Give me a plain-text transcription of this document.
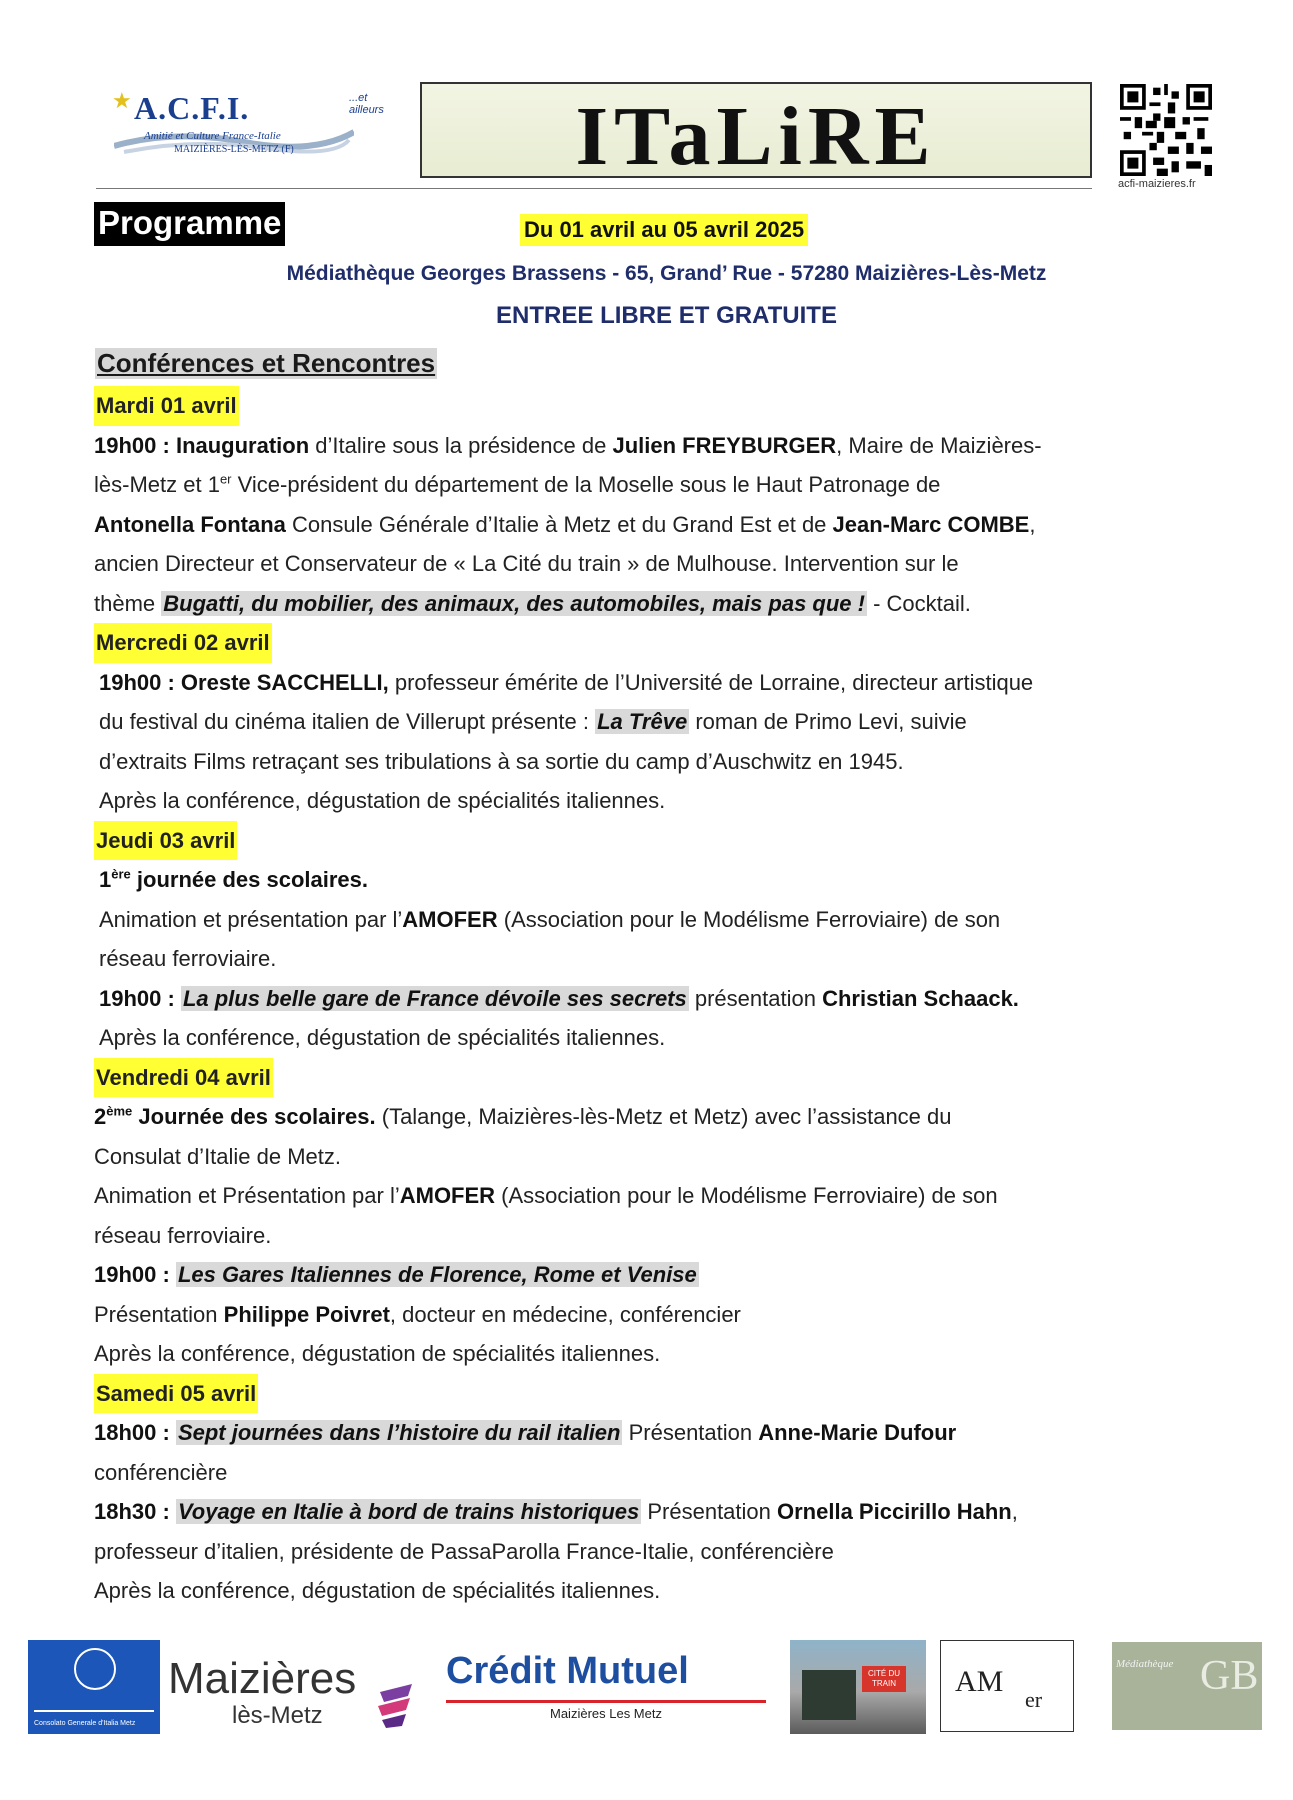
★ A.C.F.I.	...et ailleurs
Amitié et Culture France-Italie
MAIZIÈRES-LÈS-METZ (F)	ITaLiRE
acfi-maizieres.fr
Programme	Du 01 avril au 05 avril 2025
Médiathèque Georges Brassens - 65, Grand’ Rue - 57280 Maizières-Lès-Metz
ENTREE LIBRE ET GRATUITE
Conférences et Rencontres
Mardi 01 avril
19h00 : Inauguration d’Italire sous la présidence de Julien FREYBURGER, Maire de Maizières-
lès-Metz et 1er Vice-président du département de la Moselle sous le Haut Patronage de
Antonella Fontana Consule Générale d’Italie à Metz et du Grand Est et de Jean-Marc COMBE,
ancien Directeur et Conservateur de « La Cité du train » de Mulhouse. Intervention sur le
thème Bugatti, du mobilier, des animaux, des automobiles, mais pas que ! - Cocktail.
Mercredi 02 avril
19h00 : Oreste SACCHELLI, professeur émérite de l’Université de Lorraine, directeur artistique
du festival du cinéma italien de Villerupt présente : La Trêve roman de Primo Levi, suivie
d’extraits Films retraçant ses tribulations à sa sortie du camp d’Auschwitz en 1945.
Après la conférence, dégustation de spécialités italiennes.
Jeudi 03 avril
1ère journée des scolaires.
Animation et présentation par l’AMOFER (Association pour le Modélisme Ferroviaire) de son
réseau ferroviaire.
19h00 : La plus belle gare de France dévoile ses secrets présentation Christian Schaack.
Après la conférence, dégustation de spécialités italiennes.
Vendredi 04 avril
2ème Journée des scolaires. (Talange, Maizières-lès-Metz et Metz) avec l’assistance du
Consulat d’Italie de Metz.
Animation et Présentation par l’AMOFER (Association pour le Modélisme Ferroviaire) de son
réseau ferroviaire.
19h00 : Les Gares Italiennes de Florence, Rome et Venise
Présentation Philippe Poivret, docteur en médecine, conférencier
Après la conférence, dégustation de spécialités italiennes.
Samedi 05 avril
18h00 : Sept journées dans l’histoire du rail italien Présentation Anne-Marie Dufour
conférencière
18h30 : Voyage en Italie à bord de trains historiques Présentation Ornella Piccirillo Hahn,
professeur d’italien, présidente de PassaParolla France-Italie, conférencière
Après la conférence, dégustation de spécialités italiennes.
Consolato Generale d'Italia Metz
Maizières
lès-Metz
Crédit Mutuel
Maizières Les Metz
CITÉ DU TRAIN	AM
er
Médiathèque GB
